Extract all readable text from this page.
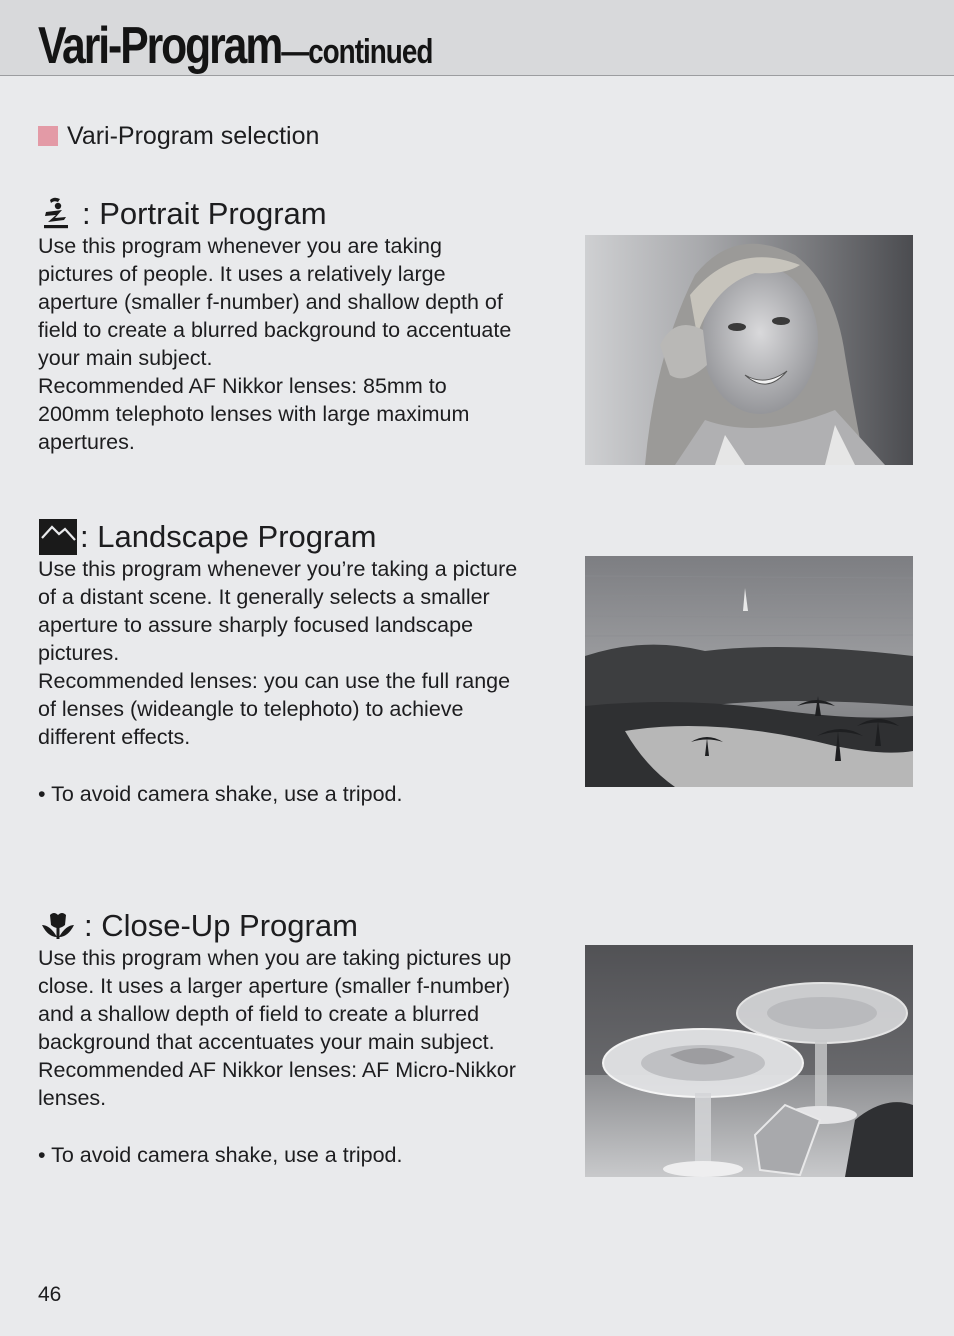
Vari-Program—continued
Vari-Program selection
: Portrait Program

Use this program whenever you are taking
pictures of people. It uses a relatively large
aperture (smaller f-number) and shallow depth of
field to create a blurred background to accentuate
your main subject.
Recommended AF Nikkor lenses: 85mm to
200mm telephoto lenses with large maximum
apertures.

: Landscape Program

Use this program whenever you’re taking a picture
of a distant scene. It generally selects a smaller
aperture to assure sharply focused landscape
pictures.
Recommended lenses: you can use the full range
of lenses (wideangle to telephoto) to achieve
different effects.

• To avoid camera shake, use a tripod.

: Close-Up Program

Use this program when you are taking pictures up
close. It uses a larger aperture (smaller f-number)
and a shallow depth of field to create a blurred
background that accentuates your main subject.
Recommended AF Nikkor lenses: AF Micro-Nikkor
lenses.

• To avoid camera shake, use a tripod.

46
